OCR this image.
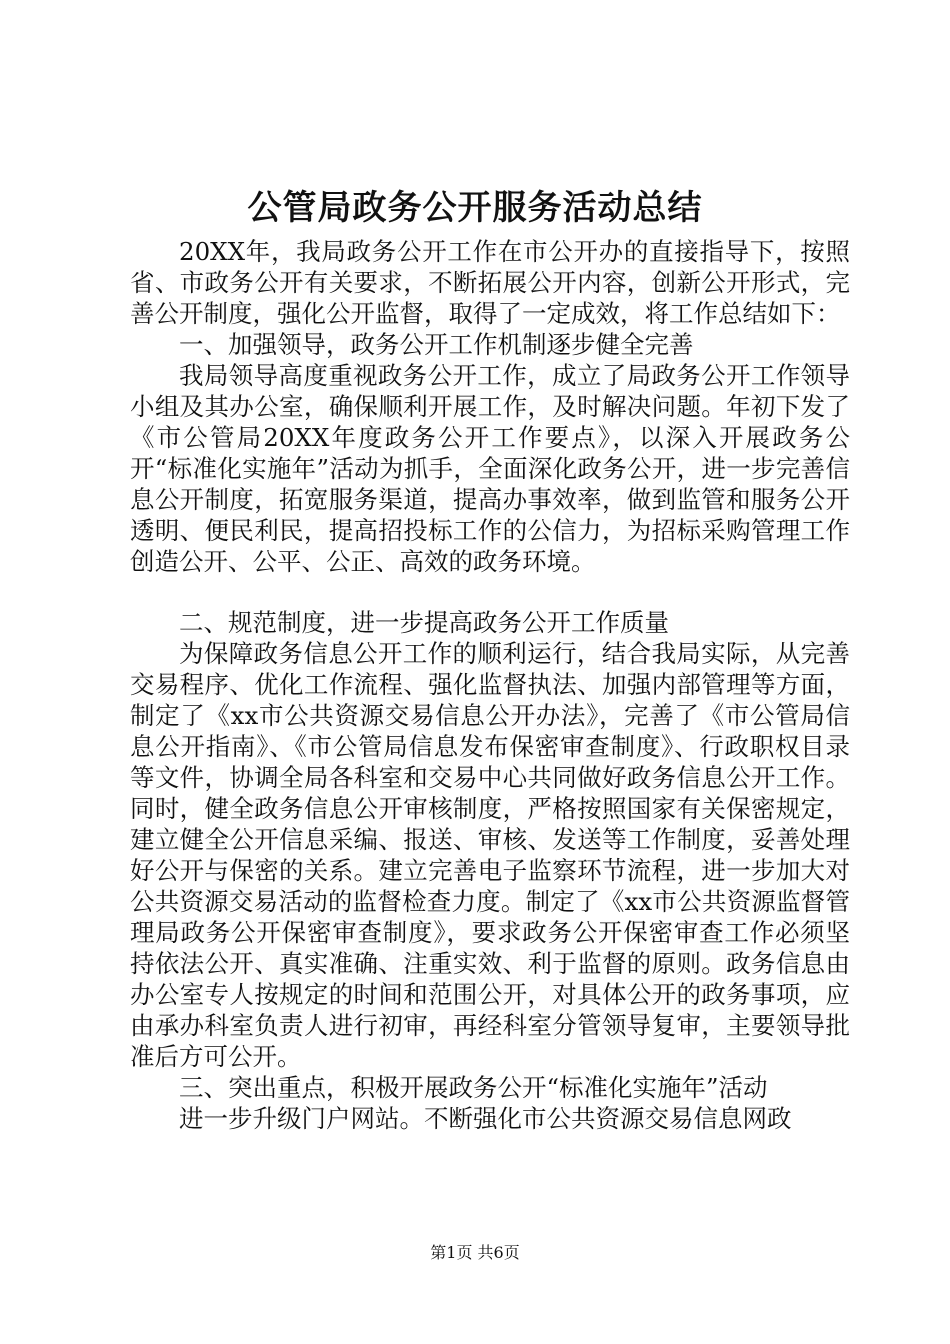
公管局政务公开服务活动总结

20XX年，我局政务公开工作在市公开办的直接指导下，按照省、市政务公开有关要求，不断拓展公开内容，创新公开形式，完善公开制度，强化公开监督，取得了一定成效，将工作总结如下：

一、加强领导，政务公开工作机制逐步健全完善

我局领导高度重视政务公开工作，成立了局政务公开工作领导小组及其办公室，确保顺利开展工作，及时解决问题。年初下发了《市公管局20XX年度政务公开工作要点》，以深入开展政务公开“标准化实施年”活动为抓手，全面深化政务公开，进一步完善信息公开制度，拓宽服务渠道，提高办事效率，做到监管和服务公开透明、便民利民，提高招投标工作的公信力，为招标采购管理工作创造公开、公平、公正、高效的政务环境。

二、规范制度，进一步提高政务公开工作质量

为保障政务信息公开工作的顺利运行，结合我局实际，从完善交易程序、优化工作流程、强化监督执法、加强内部管理等方面，制定了《xx市公共资源交易信息公开办法》，完善了《市公管局信息公开指南》、《市公管局信息发布保密审查制度》、行政职权目录等文件，协调全局各科室和交易中心共同做好政务信息公开工作。同时，健全政务信息公开审核制度，严格按照国家有关保密规定，建立健全公开信息采编、报送、审核、发送等工作制度，妥善处理好公开与保密的关系。建立完善电子监察环节流程，进一步加大对公共资源交易活动的监督检查力度。制定了《xx市公共资源监督管理局政务公开保密审查制度》，要求政务公开保密审查工作必须坚持依法公开、真实准确、注重实效、利于监督的原则。政务信息由办公室专人按规定的时间和范围公开，对具体公开的政务事项，应由承办科室负责人进行初审，再经科室分管领导复审，主要领导批准后方可公开。

三、突出重点，积极开展政务公开“标准化实施年”活动

进一步升级门户网站。不断强化市公共资源交易信息网政

第1页 共6页
